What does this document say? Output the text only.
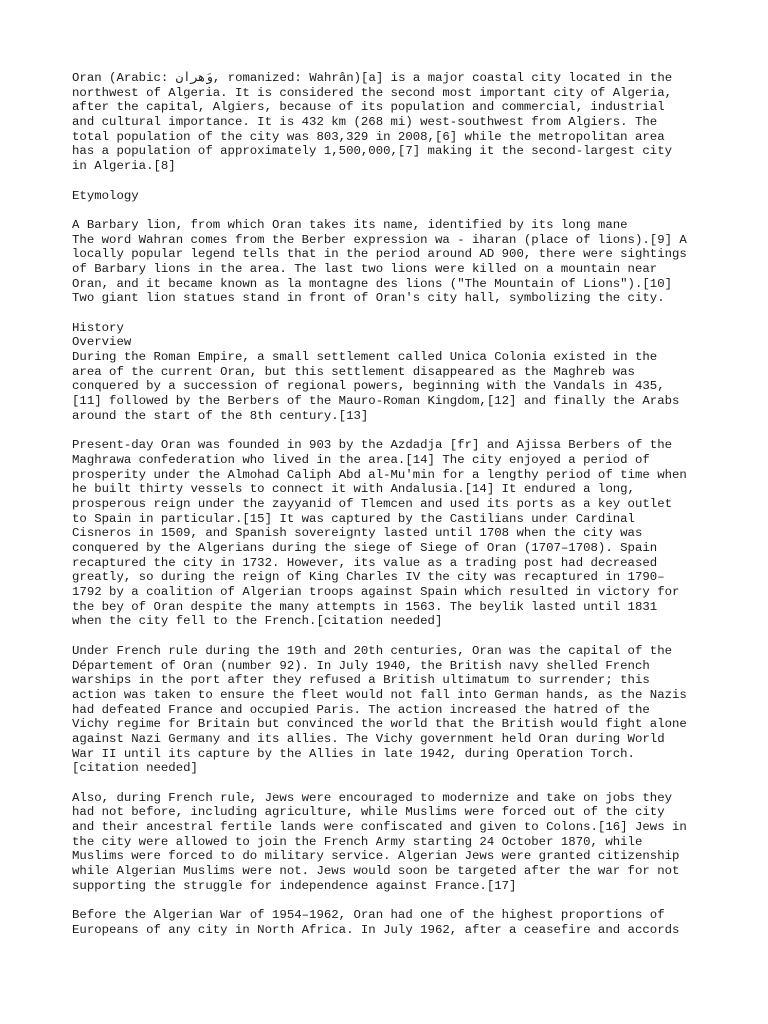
Oran (Arabic: وَهران, romanized: Wahrân)[a] is a major coastal city located in the
northwest of Algeria. It is considered the second most important city of Algeria,
after the capital, Algiers, because of its population and commercial, industrial
and cultural importance. It is 432 km (268 mi) west-southwest from Algiers. The
total population of the city was 803,329 in 2008,[6] while the metropolitan area
has a population of approximately 1,500,000,[7] making it the second-largest city
in Algeria.[8]
Etymology
A Barbary lion, from which Oran takes its name, identified by its long mane
The word Wahran comes from the Berber expression wa - iharan (place of lions).[9] A
locally popular legend tells that in the period around AD 900, there were sightings
of Barbary lions in the area. The last two lions were killed on a mountain near
Oran, and it became known as la montagne des lions ("The Mountain of Lions").[10]
Two giant lion statues stand in front of Oran's city hall, symbolizing the city.
History
Overview
During the Roman Empire, a small settlement called Unica Colonia existed in the
area of the current Oran, but this settlement disappeared as the Maghreb was
conquered by a succession of regional powers, beginning with the Vandals in 435,
[11] followed by the Berbers of the Mauro-Roman Kingdom,[12] and finally the Arabs
around the start of the 8th century.[13]
Present-day Oran was founded in 903 by the Azdadja [fr] and Ajissa Berbers of the
Maghrawa confederation who lived in the area.[14] The city enjoyed a period of
prosperity under the Almohad Caliph Abd al-Mu'min for a lengthy period of time when
he built thirty vessels to connect it with Andalusia.[14] It endured a long,
prosperous reign under the zayyanid of Tlemcen and used its ports as a key outlet
to Spain in particular.[15] It was captured by the Castilians under Cardinal
Cisneros in 1509, and Spanish sovereignty lasted until 1708 when the city was
conquered by the Algerians during the siege of Siege of Oran (1707–1708). Spain
recaptured the city in 1732. However, its value as a trading post had decreased
greatly, so during the reign of King Charles IV the city was recaptured in 1790–
1792 by a coalition of Algerian troops against Spain which resulted in victory for
the bey of Oran despite the many attempts in 1563. The beylik lasted until 1831
when the city fell to the French.[citation needed]
Under French rule during the 19th and 20th centuries, Oran was the capital of the
Département of Oran (number 92). In July 1940, the British navy shelled French
warships in the port after they refused a British ultimatum to surrender; this
action was taken to ensure the fleet would not fall into German hands, as the Nazis
had defeated France and occupied Paris. The action increased the hatred of the
Vichy regime for Britain but convinced the world that the British would fight alone
against Nazi Germany and its allies. The Vichy government held Oran during World
War II until its capture by the Allies in late 1942, during Operation Torch.
[citation needed]
Also, during French rule, Jews were encouraged to modernize and take on jobs they
had not before, including agriculture, while Muslims were forced out of the city
and their ancestral fertile lands were confiscated and given to Colons.[16] Jews in
the city were allowed to join the French Army starting 24 October 1870, while
Muslims were forced to do military service. Algerian Jews were granted citizenship
while Algerian Muslims were not. Jews would soon be targeted after the war for not
supporting the struggle for independence against France.[17]
Before the Algerian War of 1954–1962, Oran had one of the highest proportions of
Europeans of any city in North Africa. In July 1962, after a ceasefire and accords
